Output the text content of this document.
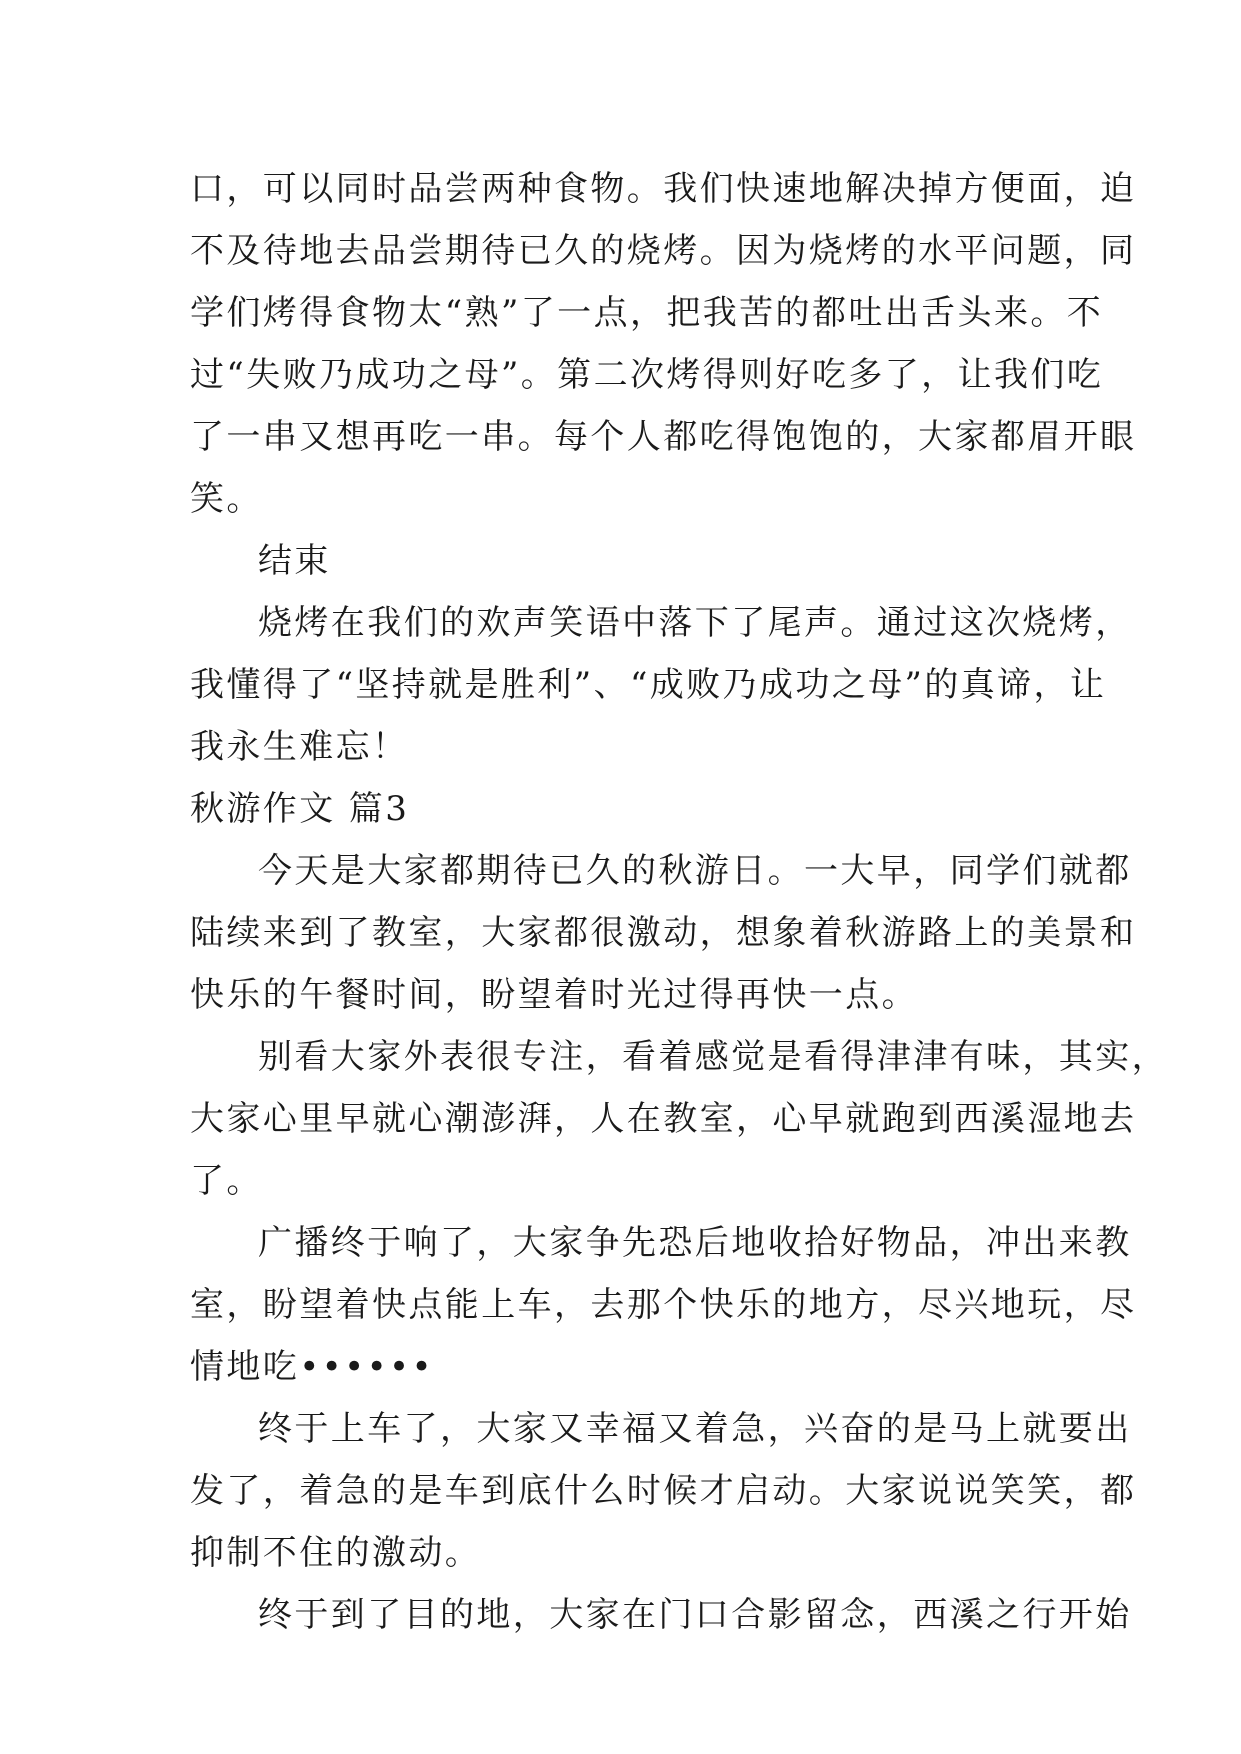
口，可以同时品尝两种食物。我们快速地解决掉方便面，迫
不及待地去品尝期待已久的烧烤。因为烧烤的水平问题，同
学们烤得食物太“熟”了一点，把我苦的都吐出舌头来。不
过“失败乃成功之母”。第二次烤得则好吃多了，让我们吃
了一串又想再吃一串。每个人都吃得饱饱的，大家都眉开眼
笑。
结束
烧烤在我们的欢声笑语中落下了尾声。通过这次烧烤，
我懂得了“坚持就是胜利”、“成败乃成功之母”的真谛，让
我永生难忘！
秋游作文 篇3
今天是大家都期待已久的秋游日。一大早，同学们就都
陆续来到了教室，大家都很激动，想象着秋游路上的美景和
快乐的午餐时间，盼望着时光过得再快一点。
别看大家外表很专注，看着感觉是看得津津有味，其实，
大家心里早就心潮澎湃，人在教室，心早就跑到西溪湿地去
了。
广播终于响了，大家争先恐后地收拾好物品，冲出来教
室，盼望着快点能上车，去那个快乐的地方，尽兴地玩，尽
情地吃••••••
终于上车了，大家又幸福又着急，兴奋的是马上就要出
发了，着急的是车到底什么时候才启动。大家说说笑笑，都
抑制不住的激动。
终于到了目的地，大家在门口合影留念，西溪之行开始
